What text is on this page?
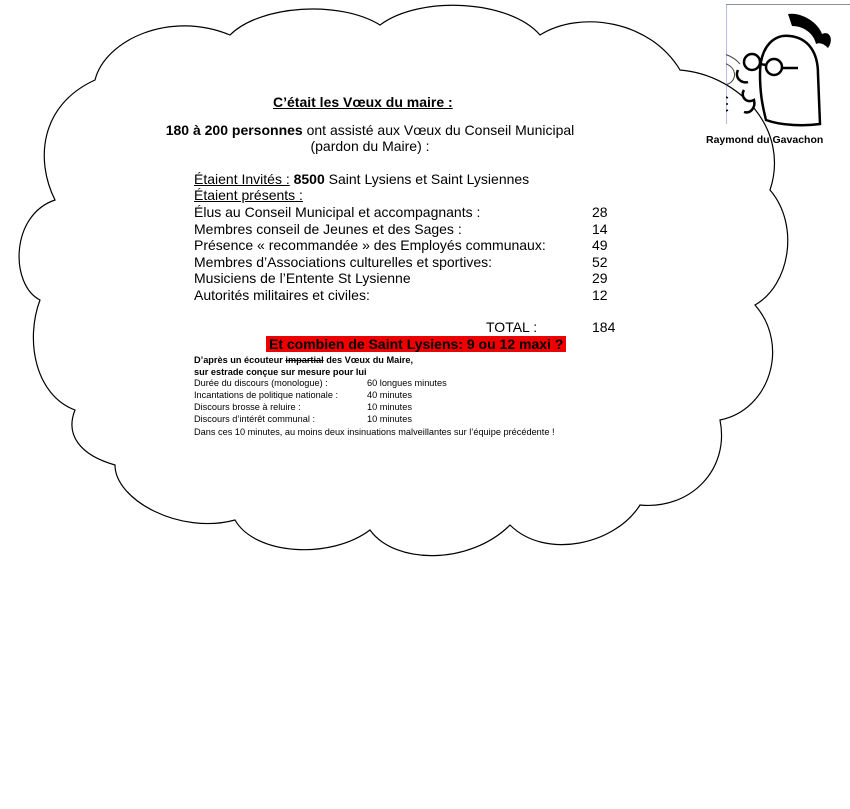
Raymond du Gavachon
C’était les Vœux du maire :
180 à 200 personnes ont assisté aux Vœux du Conseil Municipal
(pardon du Maire) :
Étaient Invités : 8500 Saint Lysiens et Saint Lysiennes
Étaient présents :
Élus au Conseil Municipal et accompagnants :	28
Membres conseil de Jeunes et des Sages :	14
Présence « recommandée » des Employés communaux:	49
Membres d’Associations culturelles et sportives:	52
Musiciens de l’Entente St Lysienne	29
Autorités militaires et civiles:	12
TOTAL :	184
Et combien de Saint Lysiens: 9 ou 12 maxi ?
D’après un écouteur impartial des Vœux du Maire,
sur estrade conçue sur mesure pour lui
Durée du discours (monologue) :	60 longues minutes
Incantations de politique nationale :	40 minutes
Discours brosse à reluire :	10 minutes
Discours d’intérêt communal :	10 minutes
Dans ces 10 minutes, au moins deux insinuations malveillantes sur l’équipe précédente !
